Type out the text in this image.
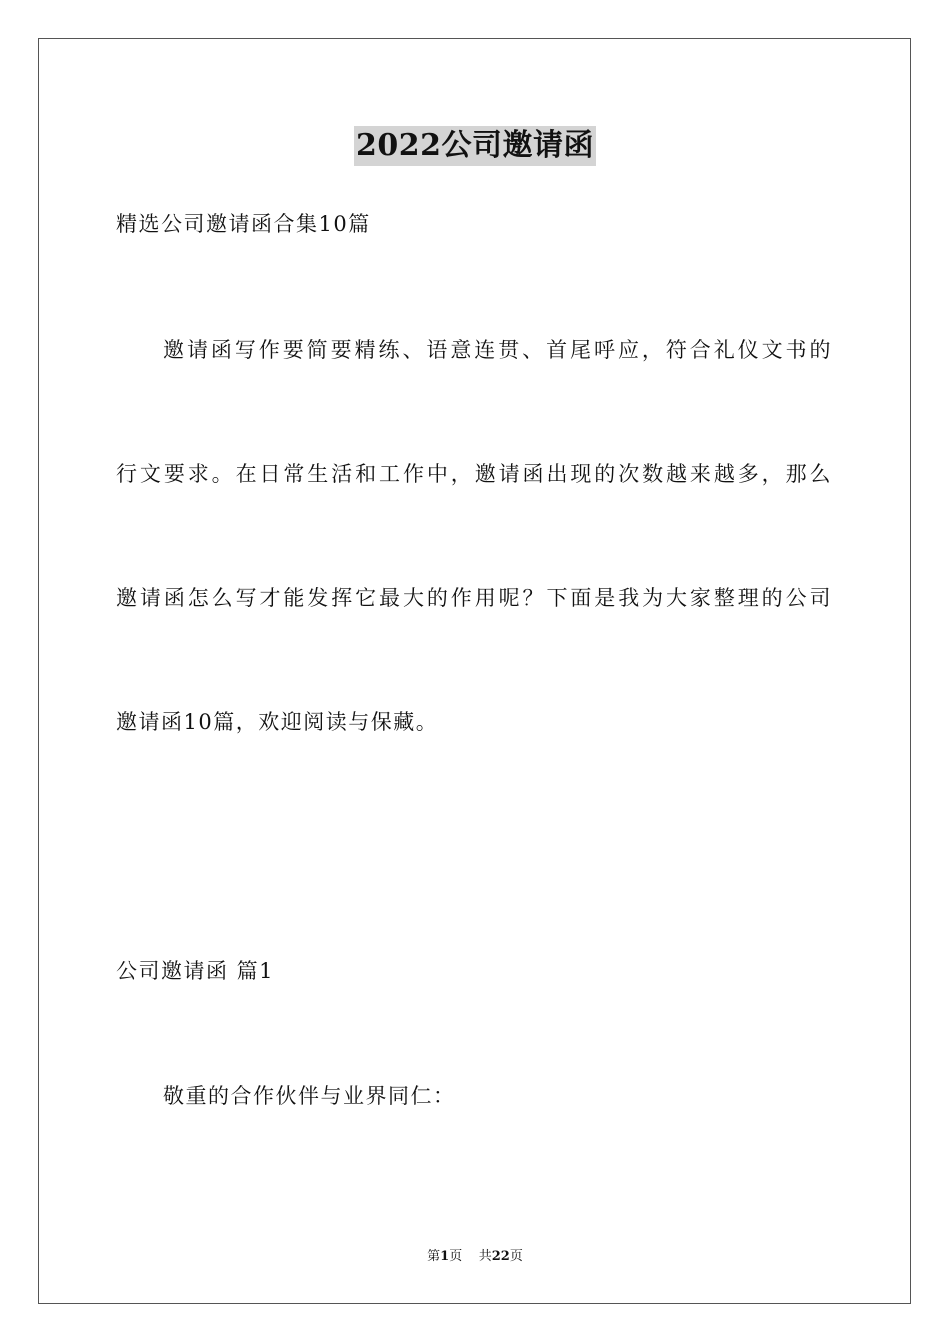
2022公司邀请函
精选公司邀请函合集10篇
邀请函写作要简要精练、语意连贯、首尾呼应，符合礼仪文书的
行文要求。在日常生活和工作中，邀请函出现的次数越来越多，那么
邀请函怎么写才能发挥它最大的作用呢？下面是我为大家整理的公司
邀请函10篇，欢迎阅读与保藏。
公司邀请函 篇1
敬重的合作伙伴与业界同仁：
第1页 共22页
